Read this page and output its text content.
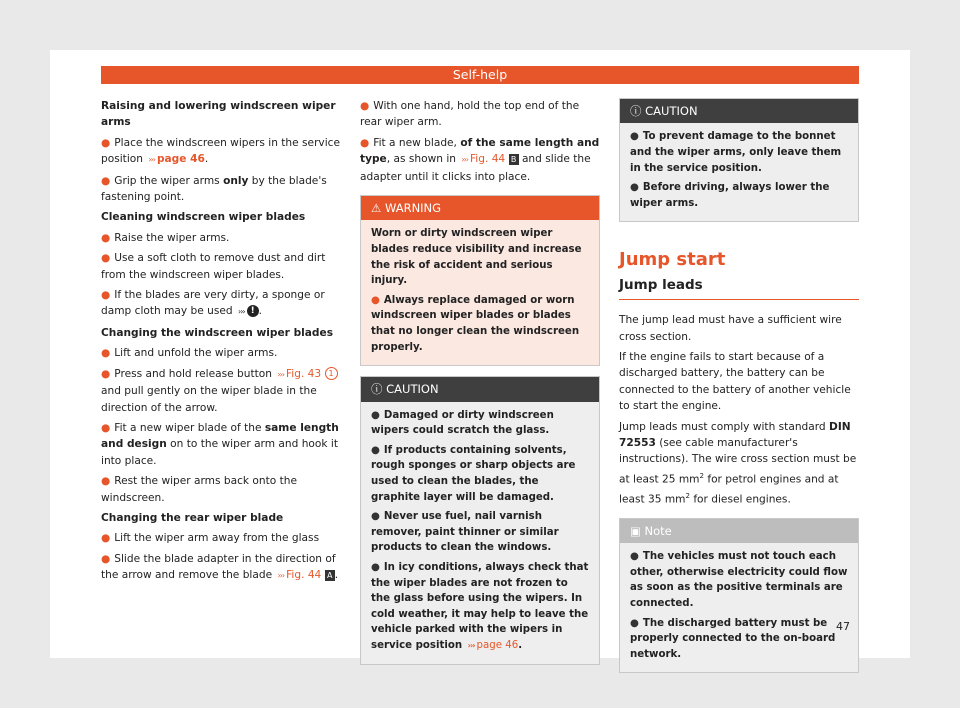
Self-help

Raising and lowering windscreen wiper arms

● Place the windscreen wipers in the service position ››› page 46.

● Grip the wiper arms only by the blade's fastening point.

Cleaning windscreen wiper blades

● Raise the wiper arms.

● Use a soft cloth to remove dust and dirt from the windscreen wiper blades.

● If the blades are very dirty, a sponge or damp cloth may be used ››› ! .

Changing the windscreen wiper blades

● Lift and unfold the wiper arms.

● Press and hold release button ››› Fig. 43 1 and pull gently on the wiper blade in the direction of the arrow.

● Fit a new wiper blade of the same length and design on to the wiper arm and hook it into place.

● Rest the wiper arms back onto the windscreen.

Changing the rear wiper blade

● Lift the wiper arm away from the glass

● Slide the blade adapter in the direction of the arrow and remove the blade ››› Fig. 44 A .

● With one hand, hold the top end of the rear wiper arm.

● Fit a new blade, of the same length and type, as shown in ››› Fig. 44 B and slide the adapter until it clicks into place.

⚠ WARNING

Worn or dirty windscreen wiper blades reduce visibility and increase the risk of accident and serious injury.

● Always replace damaged or worn windscreen wiper blades or blades that no longer clean the windscreen properly.

ⓘ CAUTION

● Damaged or dirty windscreen wipers could scratch the glass.

● If products containing solvents, rough sponges or sharp objects are used to clean the blades, the graphite layer will be damaged.

● Never use fuel, nail varnish remover, paint thinner or similar products to clean the windows.

● In icy conditions, always check that the wiper blades are not frozen to the glass before using the wipers. In cold weather, it may help to leave the vehicle parked with the wipers in service position ››› page 46.

ⓘ CAUTION

● To prevent damage to the bonnet and the wiper arms, only leave them in the service position.

● Before driving, always lower the wiper arms.

Jump start
Jump leads

The jump lead must have a sufficient wire cross section.

If the engine fails to start because of a discharged battery, the battery can be connected to the battery of another vehicle to start the engine.

Jump leads must comply with standard DIN 72553 (see cable manufacturer's instructions). The wire cross section must be at least 25 $mm^2$ for petrol engines and at least 35 $mm^2$ for diesel engines.

▣ Note

● The vehicles must not touch each other, otherwise electricity could flow as soon as the positive terminals are connected.

● The discharged battery must be properly connected to the on-board network.

47
